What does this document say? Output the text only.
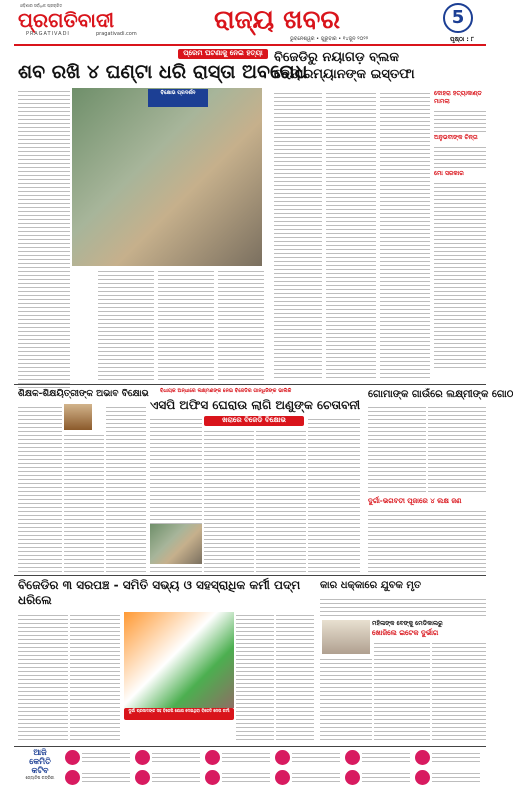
ଓଡ଼ିଶାର ସର୍ବାଧିକ ପ୍ରଚାରିତ
ପ୍ରଗତିବାଦୀ
PRAGATIVADI	pragativadi.com	ରାଜ୍ୟ ଖବର
ଭୁବନେଶ୍ୱର • ଗୁରୁବାର • ୧୪ଜୁନ ୨୦୨୨	ପୃଷ୍ଠା : ୮
5
ପ୍ରେମ ଘଟଣାକୁ ନେଇ ହତ୍ୟା
ଶବ ରଖି ୪ ଘଣ୍ଟା ଧରି ରାସ୍ତା ଅବରୋଧ
ବିକ୍ଷୋଭ ପ୍ରଦର୍ଶନ
ବିଜେଡିରୁ ନୟାଗଡ଼ ବ୍ଲକ ଚେୟାରମ୍ୟାନଙ୍କ ଇସ୍ତଫା
ଦୋହରା ହତ୍ୟାକାଣ୍ଡ ମାମଲା
ଅନୁଭବୀଙ୍କ ଚିନ୍ତା
ମୋ ସରକାର
ଶିକ୍ଷକ-ଶିକ୍ଷୟିତ୍ରୀଙ୍କ ଅଭାବ ବିକ୍ଷୋଭ ବିଧାୟକ ଅନ୍ଧାରେ ଲକ୍ଷ୍ମଣଙ୍କ ନେଇ ବିଜେଡିର ଗାନ୍ଧିଜିଙ୍କ ଭାଲିକି
ଏସପି ଅଫିସ ଘେରାଉ ଲାଗି ଅଣୁଙ୍କ ଚେତାବନୀ
ଖରାରେ ବିଜେଡି ବିକ୍ଷୋଭ
ଗୋମାଙ୍କ ଗାଉଁରେ ଲକ୍ଷ୍ମୀଙ୍କ ଗୋଠ
ଦୁର୍ଗା-ଭଗବତୀ ପୂଜାରେ ୪ ଲକ୍ଷ ଜଣ
ବିଜେଡିର ୩ ସରପଞ୍ଚ - ସମିତି ସଭ୍ୟ ଓ ସହସ୍ରାଧିକ କର୍ମୀ ପଦ୍ମ ଧରିଲେ
ଦୁର୍ଗା ପ୍ରସାଦଙ୍କ ସହ ବିଜେପି ଯୋଗ ଦେଇଥିବା ବିଜେଡି ନେତା କର୍ମୀ
କାର ଧକ୍କାରେ ଯୁବକ ମୃତ
ମହିଳାଙ୍କ ବେଙ୍କୁ ମେଡିକାଲରୁ
ଖୋଜିଲେ ଇଟେକ ଦୁର୍ଭାଗ
ଆଜି
କେମିତି
କଟିବ
ଜ୍ୟୋତିଷ ଚନ୍ଦ୍ରିକା
